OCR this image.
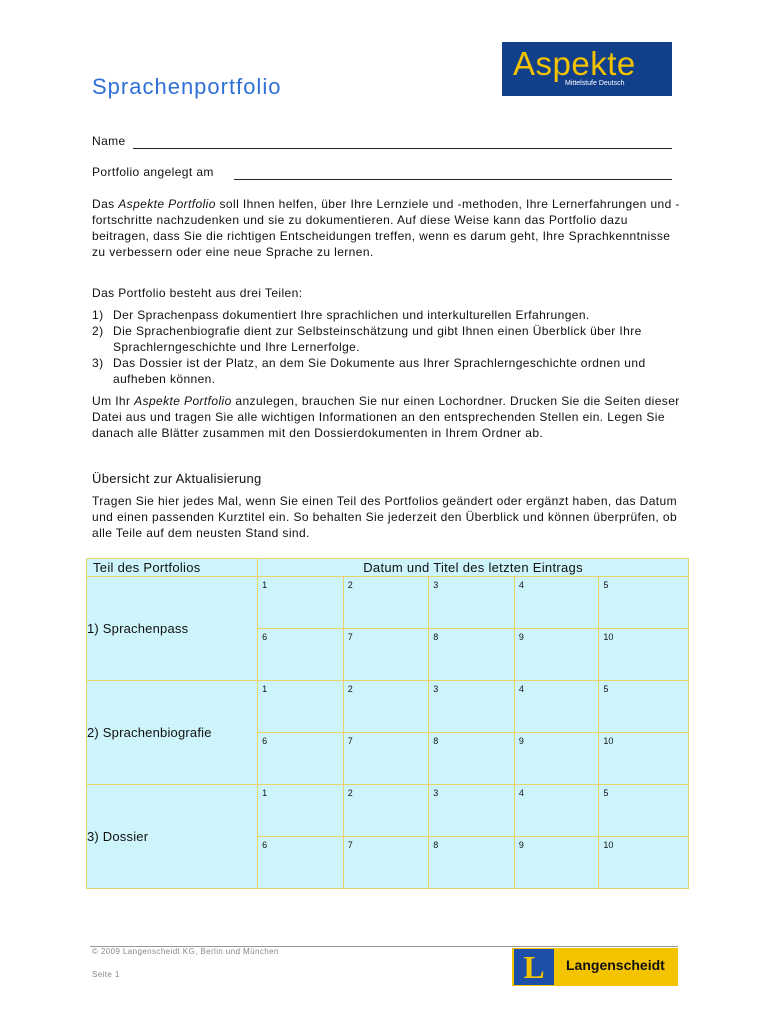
Sprachenportfolio
Aspekte
Mittelstufe Deutsch
Name
Portfolio angelegt am

Das Aspekte Portfolio soll Ihnen helfen, über Ihre Lernziele und -methoden, Ihre Lernerfahrungen und -fortschritte nachzudenken und sie zu dokumentieren. Auf diese Weise kann das Portfolio dazu beitragen, dass Sie die richtigen Entscheidungen treffen, wenn es darum geht, Ihre Sprachkenntnisse zu verbessern oder eine neue Sprache zu lernen.

Das Portfolio besteht aus drei Teilen:

1) Der Sprachenpass dokumentiert Ihre sprachlichen und interkulturellen Erfahrungen.
2) Die Sprachenbiografie dient zur Selbsteinschätzung und gibt Ihnen einen Überblick über Ihre Sprachlerngeschichte und Ihre Lernerfolge.
3) Das Dossier ist der Platz, an dem Sie Dokumente aus Ihrer Sprachlerngeschichte ordnen und aufheben können.

Um Ihr Aspekte Portfolio anzulegen, brauchen Sie nur einen Lochordner. Drucken Sie die Seiten dieser Datei aus und tragen Sie alle wichtigen Informationen an den entsprechenden Stellen ein. Legen Sie danach alle Blätter zusammen mit den Dossierdokumenten in Ihrem Ordner ab.

Übersicht zur Aktualisierung

Tragen Sie hier jedes Mal, wenn Sie einen Teil des Portfolios geändert oder ergänzt haben, das Datum und einen passenden Kurztitel ein. So behalten Sie jederzeit den Überblick und können überprüfen, ob alle Teile auf dem neusten Stand sind.

Teil des Portfolios	Datum und Titel des letzten Eintrags				
1) Sprachenpass	1	2	3	4	5
	6	7	8	9	10
2) Sprachenbiografie	1	2	3	4	5
	6	7	8	9	10
3) Dossier	1	2	3	4	5
	6	7	8	9	10
© 2009 Langenscheidt KG, Berlin und München
Seite 1	L	Langenscheidt
